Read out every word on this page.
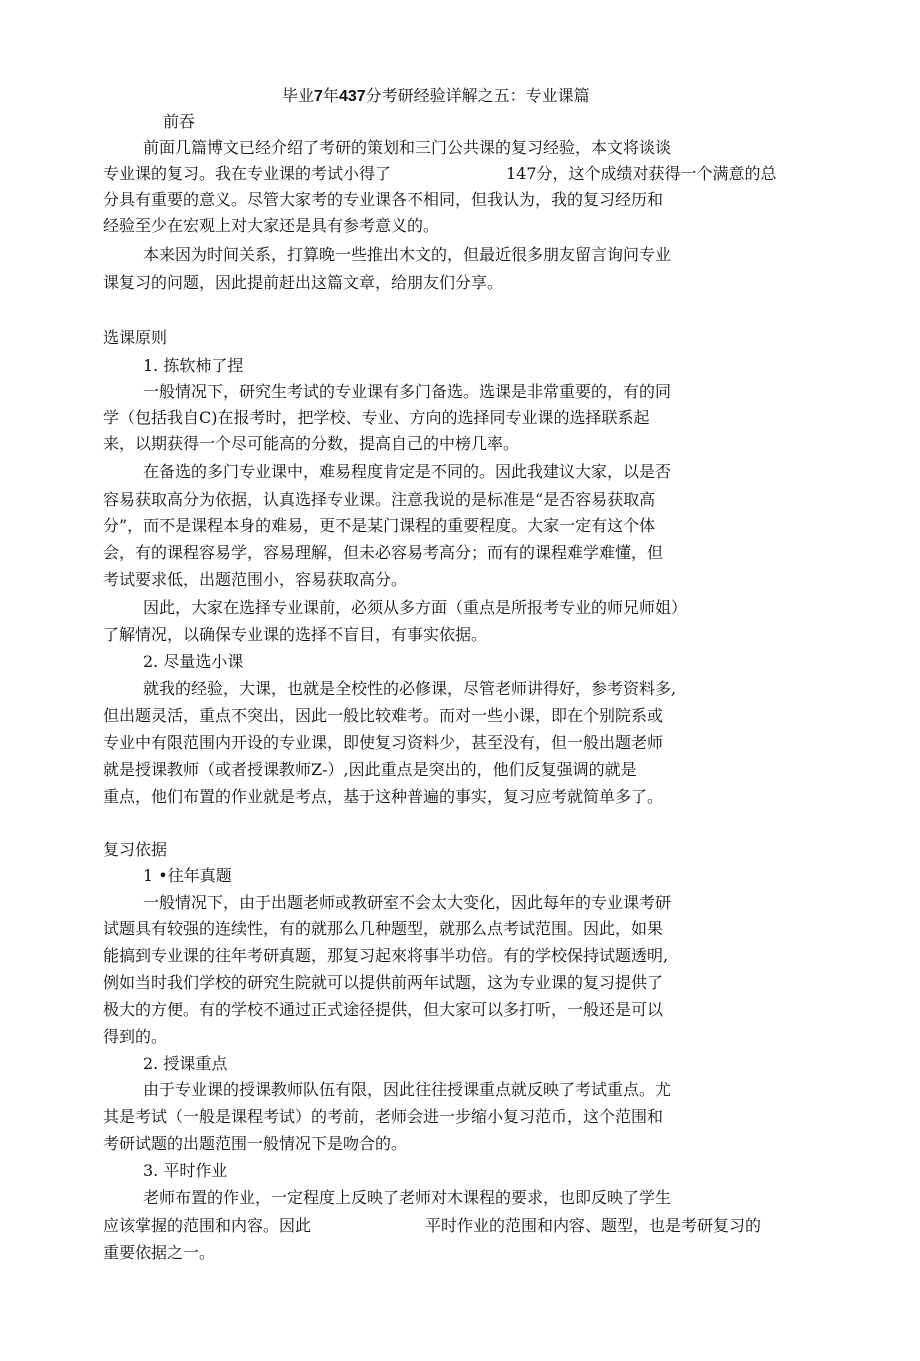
毕业7年437分考研经验详解之五：专业课篇
前吞
前面几篇博文已经介绍了考研的策划和三门公共课的复习经验，本文将谈谈
专业课的复习。我在专业课的考试小得了	147分，这个成绩对获得一个满意的总
分具有重要的意义。尽管大家考的专业课各不相同，但我认为，我的复习经历和
经验至少在宏观上对大家还是具有参考意义的。
本来因为时间关系，打算晚一些推出木文的，但最近很多朋友留言询问专业
课复习的问题，因此提前赶出这篇文章，给朋友们分享。
选课原则
1. 拣软柿了捏
一般情况下，研究生考试的专业课有多门备选。选课是非常重要的，有的同
学（包括我自C)在报考时，把学校、专业、方向的选择同专业课的选择联系起
来，以期获得一个尽可能高的分数，提高自己的中榜几率。
在备选的多门专业课中，难易程度肯定是不同的。因此我建议大家，以是否
容易获取高分为依据，认真选择专业课。注意我说的是标准是“是否容易获取高
分”，而不是课程本身的难易，更不是某门课程的重要程度。大家一定有这个体
会，有的课程容易学，容易理解，但未必容易考高分；而有的课程难学难懂，但
考试要求低，出题范围小，容易获取高分。
因此，大家在选择专业课前，必须从多方面（重点是所报考专业的师兄师姐）
了解情况，以确保专业课的选择不盲目，有事实依据。
2. 尽量选小课
就我的经验，大课，也就是全校性的必修课，尽管老师讲得好，参考资料多,
但出题灵活，重点不突出，因此一般比较难考。而对一些小课，即在个别院系或
专业中有限范围内开设的专业课，即使复习资料少，甚至没有，但一般出题老师
就是授课教师（或者授课教师Z-）,因此重点是突出的，他们反复强调的就是
重点，他们布置的作业就是考点，基于这种普遍的事实，复习应考就简单多了。
复习依据
1 •往年真题
一般情况下，由于出题老师或教研室不会太大变化，因此每年的专业课考研
试题具有较强的连续性，有的就那么几种题型，就那么点考试范围。因此，如果
能搞到专业课的往年考研真题，那复习起來将事半功倍。有的学校保持试题透明,
例如当时我们学校的研究生院就可以提供前两年试题，这为专业课的复习提供了
极大的方便。有的学校不通过正式途径提供，但大家可以多打听，一般还是可以
得到的。
2. 授课重点
由于专业课的授课教师队伍有限，因此往往授课重点就反映了考试重点。尤
其是考试（一般是课程考试）的考前，老师会进一步缩小复习范币，这个范围和
考研试题的出题范围一般情况下是吻合的。
3. 平时作业
老师布置的作业，一定程度上反映了老师对木课程的要求，也即反映了学生
应该掌握的范围和内容。因此	平时作业的范围和内容、题型，也是考研复习的
重要依据之一。
